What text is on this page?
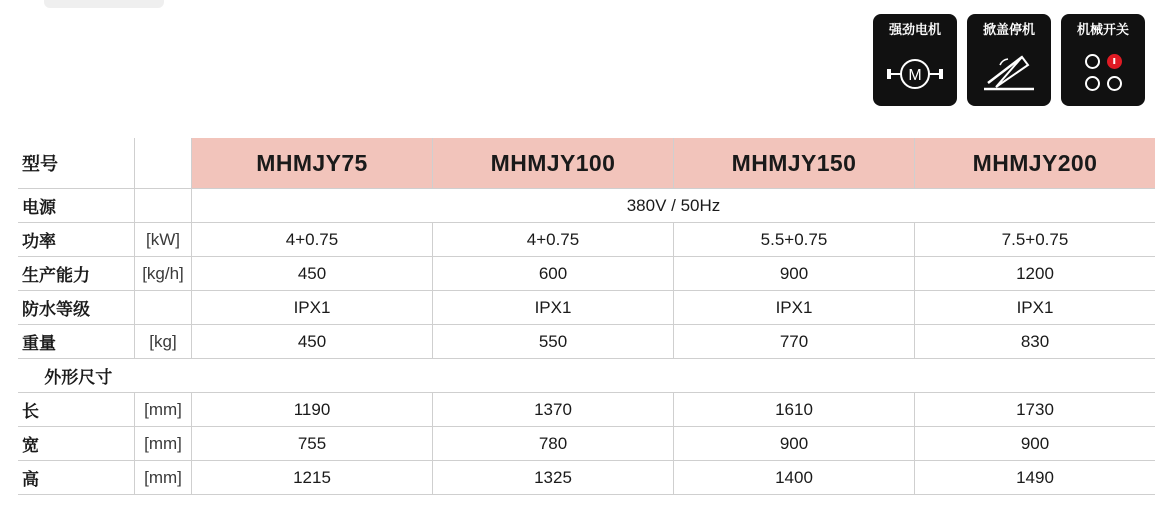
强劲电机
M
掀盖停机	机械开关
型号		MHMJY75	MHMJY100	MHMJY150	MHMJY200
电源		380V / 50Hz			
功率	[kW]	4+0.75	4+0.75	5.5+0.75	7.5+0.75
生产能力	[kg/h]	450	600	900	1200
防水等级		IPX1	IPX1	IPX1	IPX1
重量	[kg]	450	550	770	830
外形尺寸					
长	[mm]	1190	1370	1610	1730
宽	[mm]	755	780	900	900
高	[mm]	1215	1325	1400	1490
